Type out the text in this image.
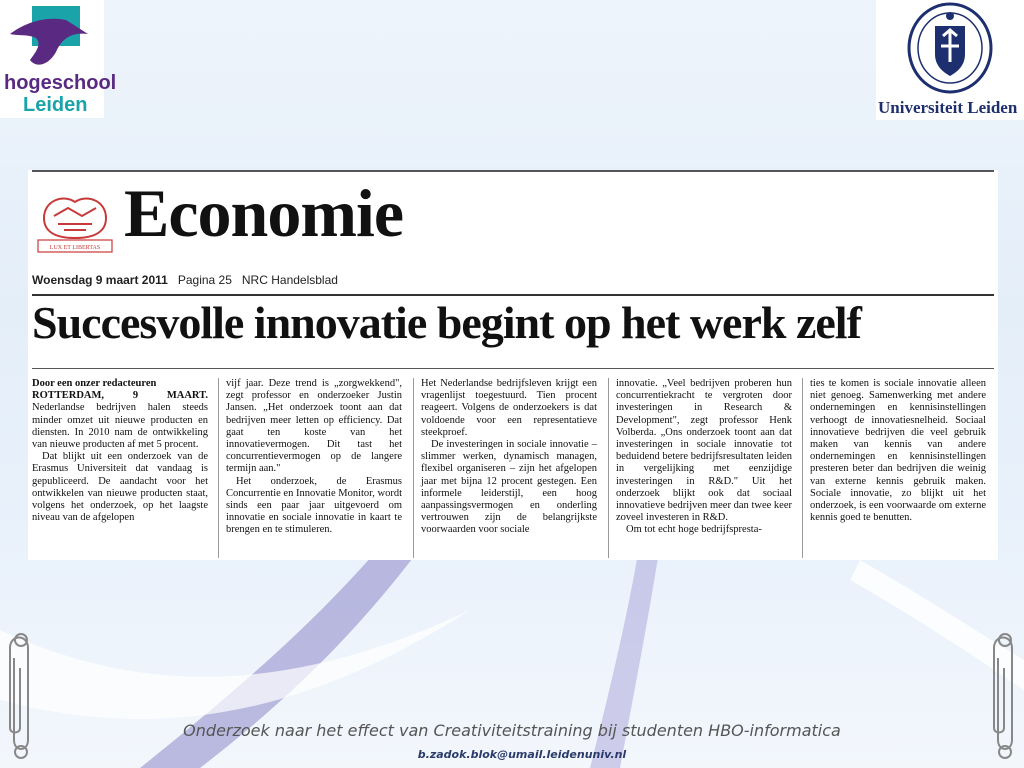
hogeschool
Leiden	Universiteit Leiden
LUX ET LIBERTAS Economie
Woensdag 9 maart 2011 Pagina 25 NRC Handelsblad
Succesvolle innovatie begint op het werk zelf

Door een onzer redacteuren

ROTTERDAM, 9 MAART. Nederlandse bedrijven halen steeds minder omzet uit nieuwe producten en diensten. In 2010 nam de ontwikkeling van nieuwe producten af met 5 procent.

Dat blijkt uit een onderzoek van de Erasmus Universiteit dat vandaag is gepubliceerd. De aandacht voor het ontwikkelen van nieuwe producten staat, volgens het onderzoek, op het laagste niveau van de afgelopen

vijf jaar. Deze trend is „zorgwekkend", zegt professor en onderzoeker Justin Jansen. „Het onderzoek toont aan dat bedrijven meer letten op efficiency. Dat gaat ten koste van het innovatievermogen. Dit tast het concurrentievermogen op de langere termijn aan."

Het onderzoek, de Erasmus Concurrentie en Innovatie Monitor, wordt sinds een paar jaar uitgevoerd om innovatie en sociale innovatie in kaart te brengen en te stimuleren.

Het Nederlandse bedrijfsleven krijgt een vragenlijst toegestuurd. Tien procent reageert. Volgens de onderzoekers is dat voldoende voor een representatieve steekproef.

De investeringen in sociale innovatie – slimmer werken, dynamisch managen, flexibel organiseren – zijn het afgelopen jaar met bijna 12 procent gestegen. Een informele leiderstijl, een hoog aanpassingsvermogen en onderling vertrouwen zijn de belangrijkste voorwaarden voor sociale

innovatie. „Veel bedrijven proberen hun concurrentiekracht te vergroten door investeringen in Research & Development", zegt professor Henk Volberda. „Ons onderzoek toont aan dat investeringen in sociale innovatie tot beduidend betere bedrijfsresultaten leiden in vergelijking met eenzijdige investeringen in R&D." Uit het onderzoek blijkt ook dat sociaal innovatieve bedrijven meer dan twee keer zoveel investeren in R&D.

Om tot echt hoge bedrijfspresta-

ties te komen is sociale innovatie alleen niet genoeg. Samenwerking met andere ondernemingen en kennisinstellingen verhoogt de innovatiesnelheid. Sociaal innovatieve bedrijven die veel gebruik maken van kennis van andere ondernemingen en kennisinstellingen presteren beter dan bedrijven die weinig van externe kennis gebruik maken. Sociale innovatie, zo blijkt uit het onderzoek, is een voorwaarde om externe kennis goed te benutten.

Onderzoek naar het effect van Creativiteitstraining bij studenten HBO-informatica
b.zadok.blok@umail.leidenuniv.nl
